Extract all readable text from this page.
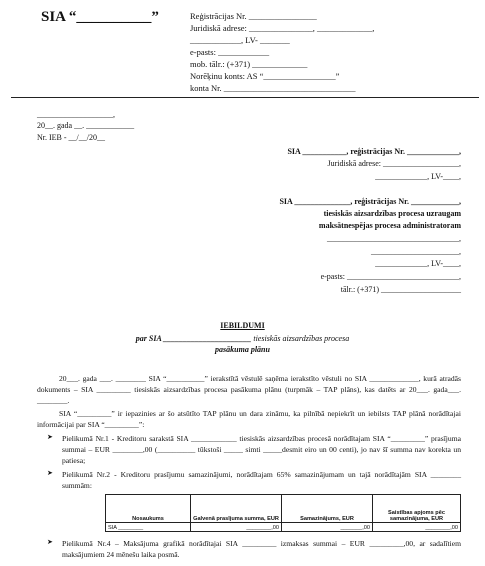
SIA “__________”	Reģistrācijas Nr. ________________
Juridiskā adrese: _______________, _____________,
____________, LV- _______
e-pasts: ____________
mob. tālr.: (+371) _____________
Norēķinu konts: AS “_________________”
konta Nr. _______________________________
___________________,
20__. gada __. ____________
Nr. IEB - __/__/20__
SIA ___________, reģistrācijas Nr. _____________,
Juridiskā adrese: ___________________,
_____________, LV-____,
SIA ______________, reģistrācijas Nr. ____________,
tiesiskās aizsardzības procesa uzraugam
maksātnespējas procesa administratoram
_________________________________,
______________________,
_____________, LV-____,
e-pasts: ____________________________,
tālr.: (+371) ____________________
IEBILDUMI
par SIA ______________________ tiesiskās aizsardzības procesa
pasākuma plānu
20___. gada ___. ________ SIA “__________” ierakstītā vēstulē saņēma ierakstīto vēstuli no SIA _____________, kurā atradās dokuments – SIA _________ tiesiskās aizsardzības procesa pasākuma plānu (turpmāk – TAP plāns), kas datēts ar 20___. gada___. ________.
SIA “_________” ir iepazinies ar šo atsūtīto TAP plānu un dara zināmu, ka pilnībā nepiekrīt un iebilsts TAP plānā norādītajai informācijai par SIA “_________”:
➤ Pielikumā Nr.1 - Kreditoru sarakstā SIA ____________ tiesiskās aizsardzības procesā norādītajam SIA “_________” prasījuma summai – EUR ________,00 (__________ tūkstoši _____ simti _____desmit eiro un 00 centi), jo nav šī summa nav korekta un patiesa;
➤ Pielikumā Nr.2 - Kreditoru prasījumu samazinājumi, norādītajam 65% samazinājumam un tajā norādītajām SIA ________ summām:
Nosaukums	Galvenā prasījuma summa, EUR	Samazinājums, EUR	Saistības apjoms pēc samazinājuma, EUR
SIA ________	________,00	_______,00	________,00
➤ Pielikumā Nr.4 – Maksājuma grafikā norādītajai SIA _________ izmaksas summai – EUR _________,00, ar sadalītiem maksājumiem 24 mēnešu laika posmā.
